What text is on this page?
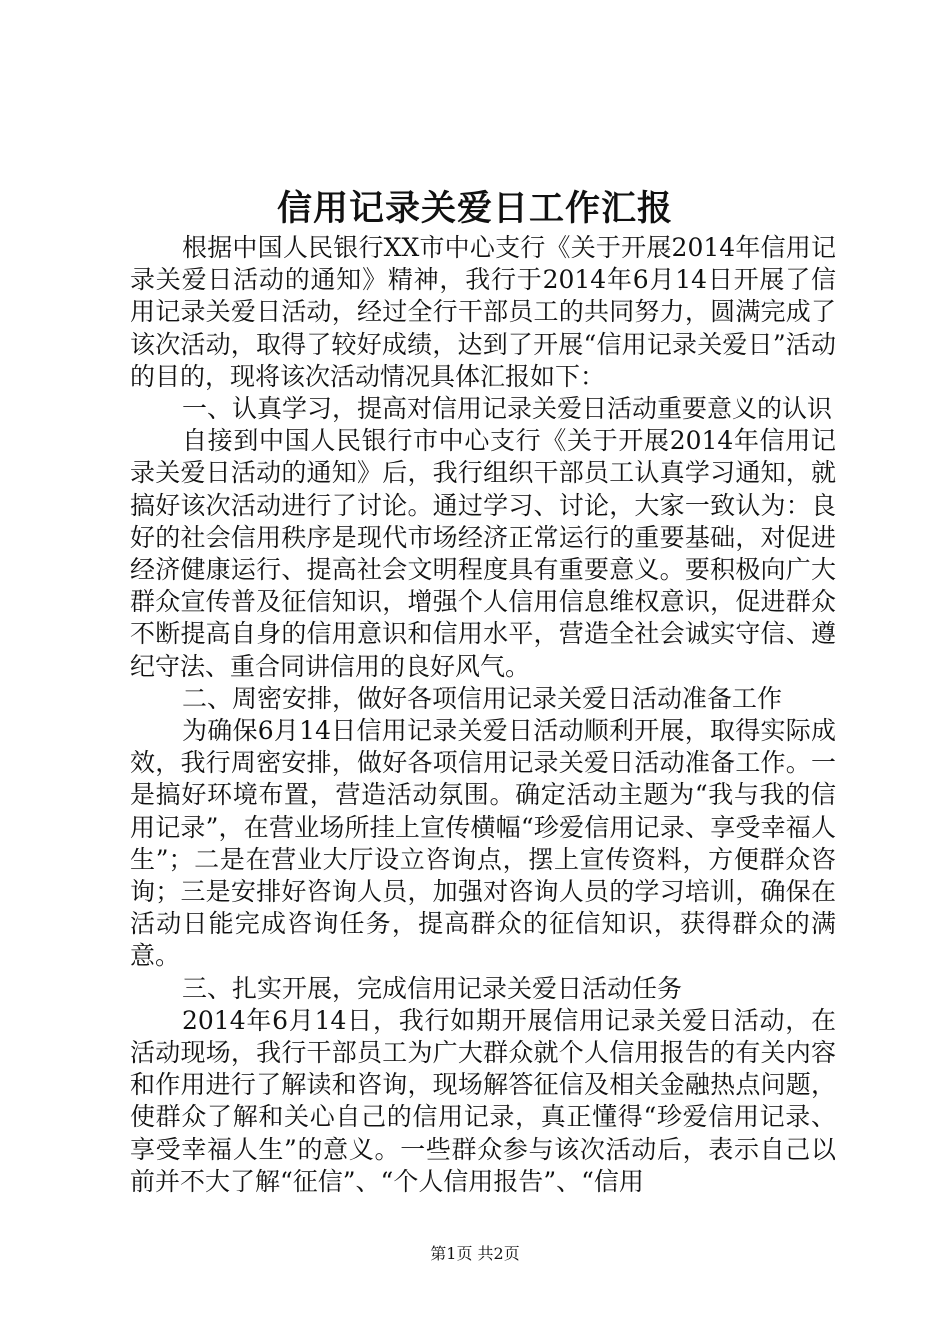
信用记录关爱日工作汇报

根据中国人民银行XX市中心支行《关于开展2014年信用记录关爱日活动的通知》精神，我行于2014年6月14日开展了信用记录关爱日活动，经过全行干部员工的共同努力，圆满完成了该次活动，取得了较好成绩，达到了开展“信用记录关爱日”活动的目的，现将该次活动情况具体汇报如下：

一、认真学习，提高对信用记录关爱日活动重要意义的认识

自接到中国人民银行市中心支行《关于开展2014年信用记录关爱日活动的通知》后，我行组织干部员工认真学习通知，就搞好该次活动进行了讨论。通过学习、讨论，大家一致认为：良好的社会信用秩序是现代市场经济正常运行的重要基础，对促进经济健康运行、提高社会文明程度具有重要意义。要积极向广大群众宣传普及征信知识，增强个人信用信息维权意识，促进群众不断提高自身的信用意识和信用水平，营造全社会诚实守信、遵纪守法、重合同讲信用的良好风气。

二、周密安排，做好各项信用记录关爱日活动准备工作

为确保6月14日信用记录关爱日活动顺利开展，取得实际成效，我行周密安排，做好各项信用记录关爱日活动准备工作。一是搞好环境布置，营造活动氛围。确定活动主题为“我与我的信用记录”，在营业场所挂上宣传横幅“珍爱信用记录、享受幸福人生”；二是在营业大厅设立咨询点，摆上宣传资料，方便群众咨询；三是安排好咨询人员，加强对咨询人员的学习培训，确保在活动日能完成咨询任务，提高群众的征信知识，获得群众的满意。

三、扎实开展，完成信用记录关爱日活动任务

2014年6月14日，我行如期开展信用记录关爱日活动，在活动现场，我行干部员工为广大群众就个人信用报告的有关内容和作用进行了解读和咨询，现场解答征信及相关金融热点问题，使群众了解和关心自己的信用记录，真正懂得“珍爱信用记录、享受幸福人生”的意义。一些群众参与该次活动后，表示自己以前并不大了解“征信”、“个人信用报告”、“信用

第1页 共2页
